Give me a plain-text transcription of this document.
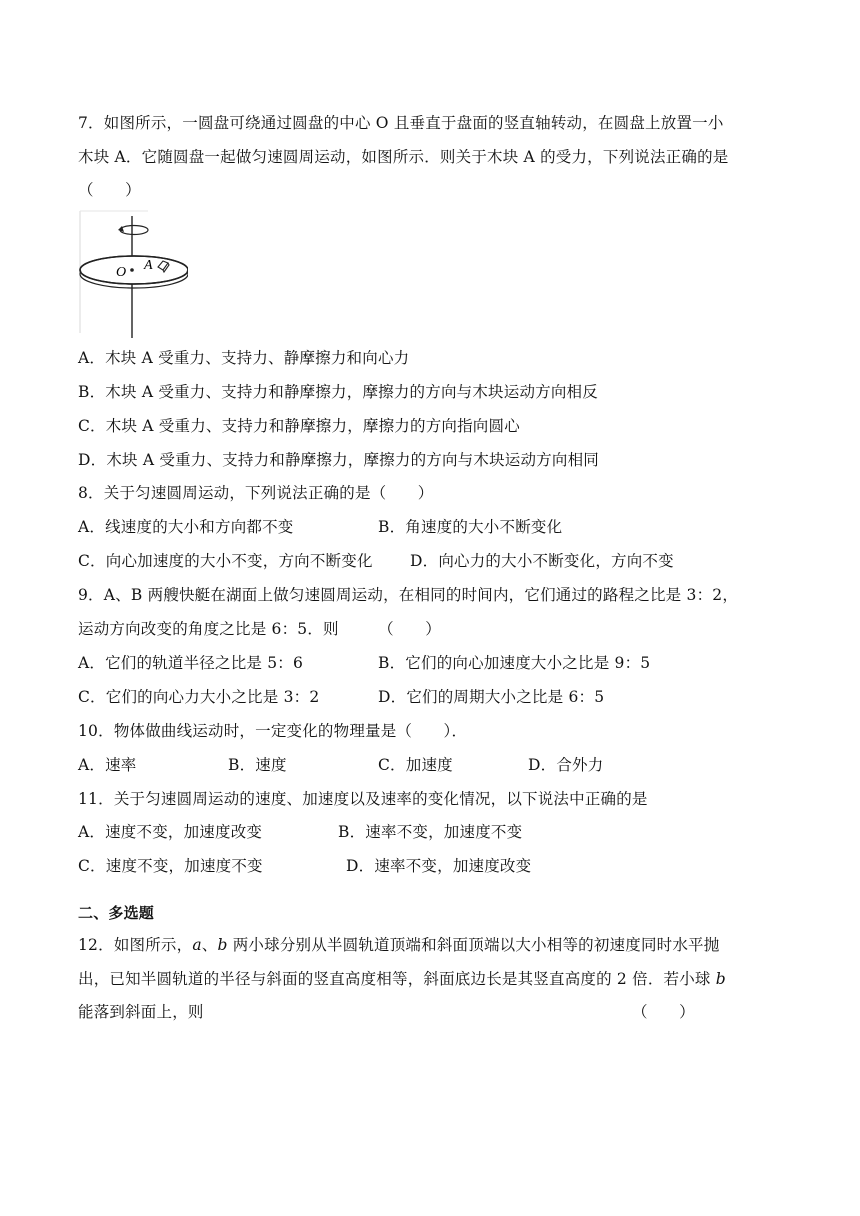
7．如图所示，一圆盘可绕通过圆盘的中心 O 且垂直于盘面的竖直轴转动，在圆盘上放置一小
木块 A．它随圆盘一起做匀速圆周运动，如图所示．则关于木块 A 的受力，下列说法正确的是
（　　）
O A
A．木块 A 受重力、支持力、静摩擦力和向心力
B．木块 A 受重力、支持力和静摩擦力，摩擦力的方向与木块运动方向相反
C．木块 A 受重力、支持力和静摩擦力，摩擦力的方向指向圆心
D．木块 A 受重力、支持力和静摩擦力，摩擦力的方向与木块运动方向相同
8．关于匀速圆周运动，下列说法正确的是（　　）
A．线速度的大小和方向都不变	B．角速度的大小不断变化
C．向心加速度的大小不变，方向不断变化 D．向心力的大小不断变化，方向不变
9．A、B 两艘快艇在湖面上做匀速圆周运动，在相同的时间内，它们通过的路程之比是 3：2，
运动方向改变的角度之比是 6：5．则　　　（　　）
A．它们的轨道半径之比是 5：6	B．它们的向心加速度大小之比是 9：5
C．它们的向心力大小之比是 3：2	D．它们的周期大小之比是 6：5
10．物体做曲线运动时，一定变化的物理量是（　　）．
A．速率	B．速度	C．加速度	D．合外力
11．关于匀速圆周运动的速度、加速度以及速率的变化情况，以下说法中正确的是
A．速度不变，加速度改变	B．速率不变，加速度不变
C．速度不变，加速度不变	D．速率不变，加速度改变
二、多选题
12．如图所示，a、b 两小球分别从半圆轨道顶端和斜面顶端以大小相等的初速度同时水平抛
出，已知半圆轨道的半径与斜面的竖直高度相等，斜面底边长是其竖直高度的 2 倍．若小球 b
能落到斜面上，则	（　　）
